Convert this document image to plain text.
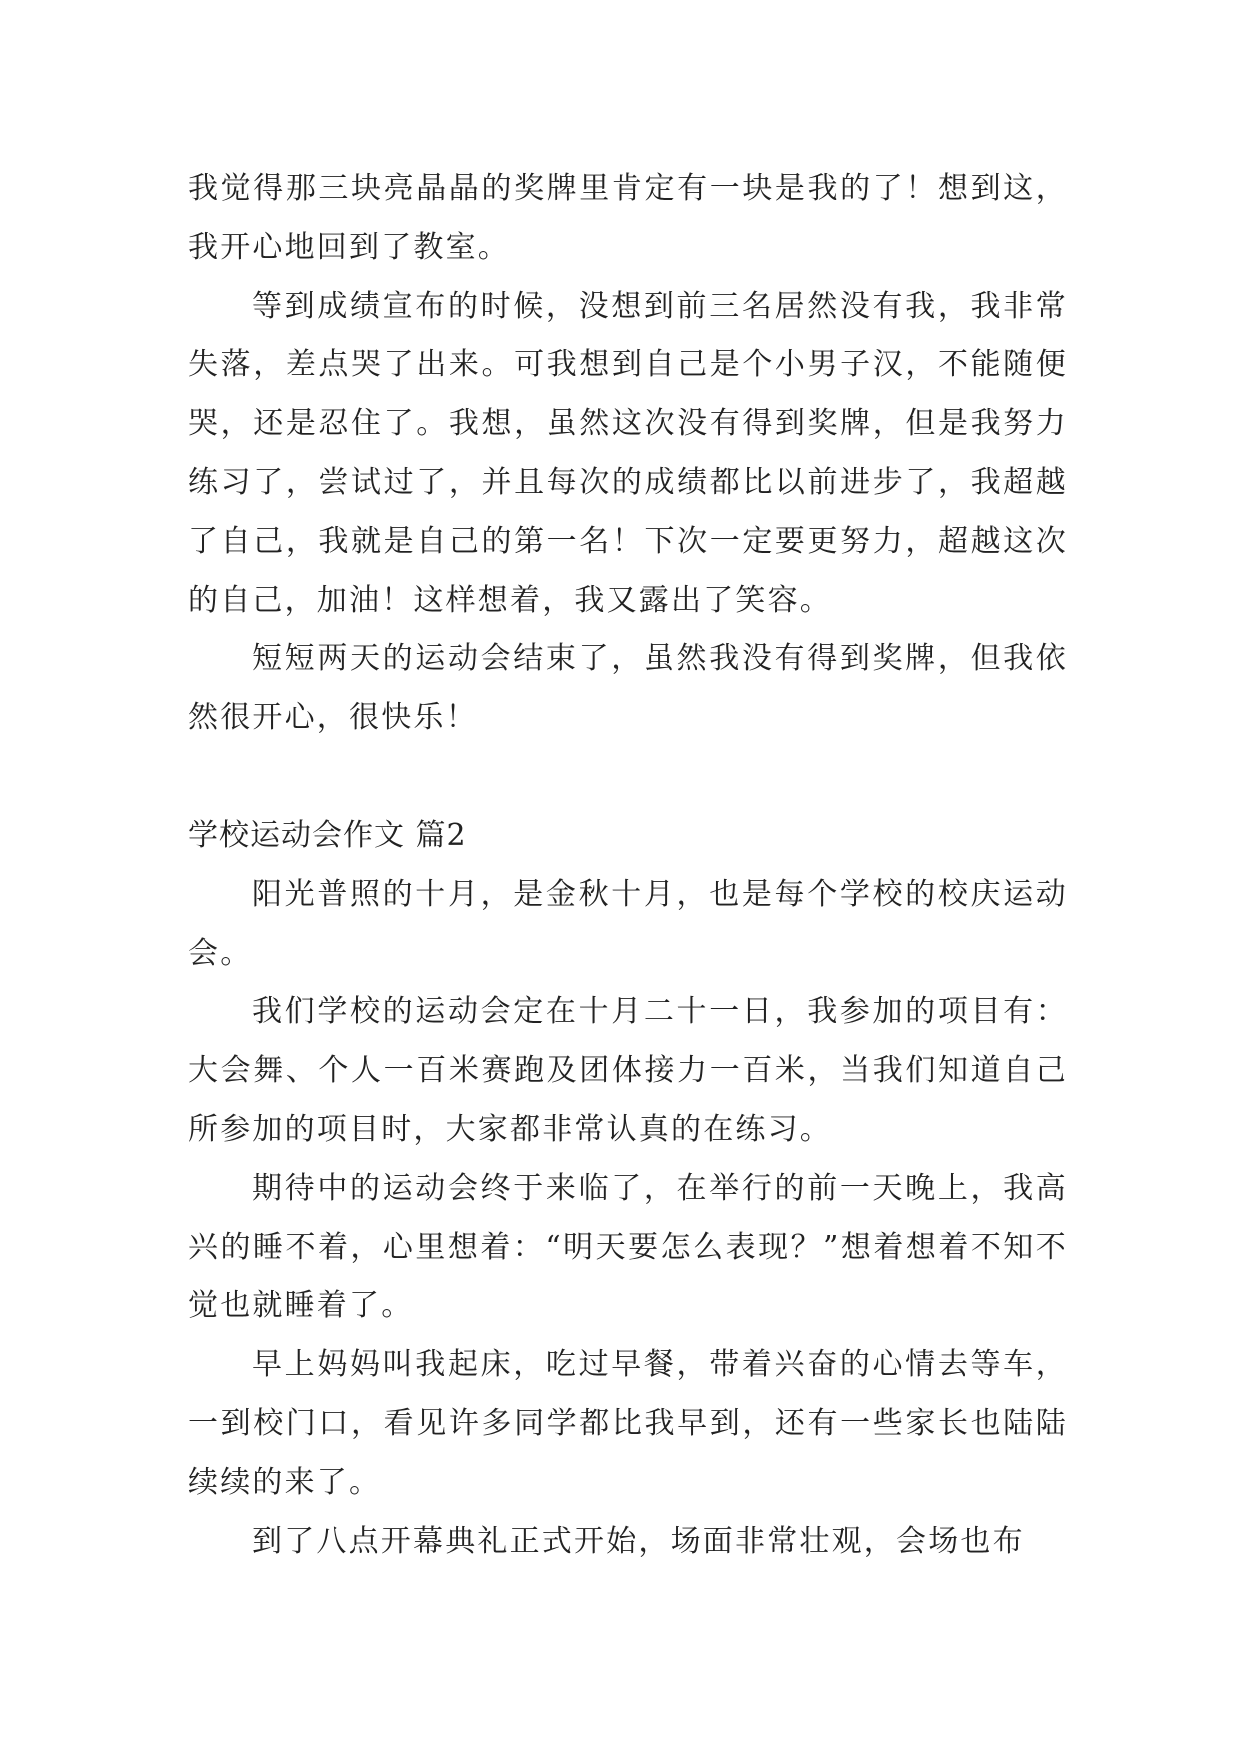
我觉得那三块亮晶晶的奖牌里肯定有一块是我的了！想到这，我开心地回到了教室。

等到成绩宣布的时候，没想到前三名居然没有我，我非常失落，差点哭了出来。可我想到自己是个小男子汉，不能随便哭，还是忍住了。我想，虽然这次没有得到奖牌，但是我努力练习了，尝试过了，并且每次的成绩都比以前进步了，我超越了自己，我就是自己的第一名！下次一定要更努力，超越这次的自己，加油！这样想着，我又露出了笑容。

短短两天的运动会结束了，虽然我没有得到奖牌，但我依然很开心，很快乐！

学校运动会作文 篇2

阳光普照的十月，是金秋十月，也是每个学校的校庆运动会。

我们学校的运动会定在十月二十一日，我参加的项目有：大会舞、个人一百米赛跑及团体接力一百米，当我们知道自己所参加的项目时，大家都非常认真的在练习。

期待中的运动会终于来临了，在举行的前一天晚上，我高兴的睡不着，心里想着：“明天要怎么表现？”想着想着不知不觉也就睡着了。

早上妈妈叫我起床，吃过早餐，带着兴奋的心情去等车，一到校门口，看见许多同学都比我早到，还有一些家长也陆陆续续的来了。

到了八点开幕典礼正式开始，场面非常壮观，会场也布
